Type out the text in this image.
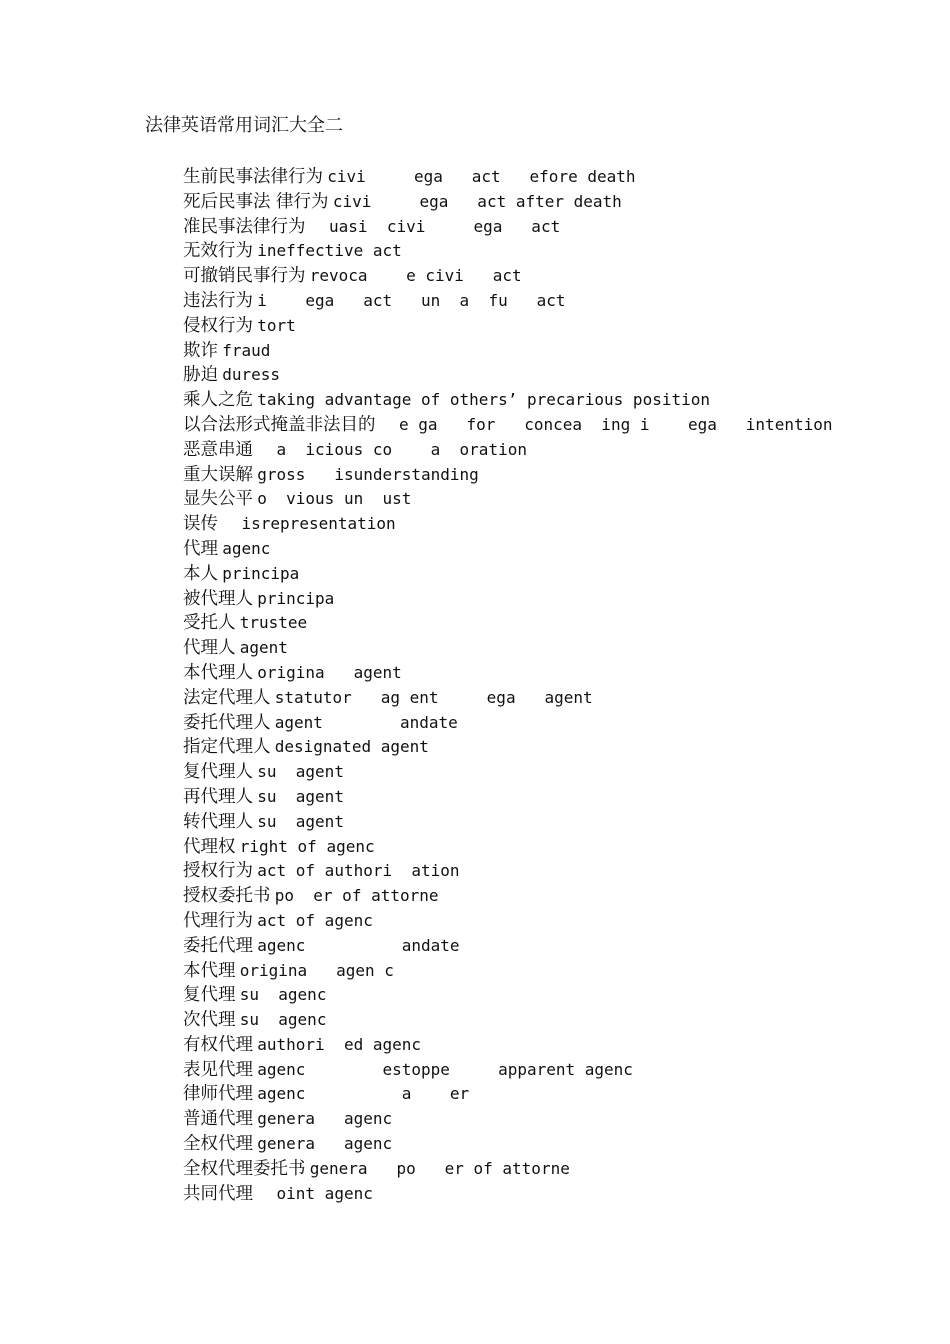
法律英语常用词汇大全二
生前民事法律行为 civi     ega   act   efore death
死后民事法 律行为 civi     ega   act after death
准民事法律行为   uasi  civi     ega   act
无效行为 ineffective act
可撤销民事行为 revoca    e civi   act
违法行为 i    ega   act   un  a  fu   act
侵权行为 tort
欺诈 fraud
胁迫 duress
乘人之危 taking advantage of others’ precarious position
以合法形式掩盖非法目的   e ga   for   concea  ing i    ega   intention
恶意串通   a  icious co    a  oration
重大误解 gross   isunderstanding
显失公平 o  vious un  ust
误传   isrepresentation
代理 agenc
本人 principa
被代理人 principa
受托人 trustee
代理人 agent
本代理人 origina   agent
法定代理人 statutor   ag ent     ega   agent
委托代理人 agent        andate
指定代理人 designated agent
复代理人 su  agent
再代理人 su  agent
转代理人 su  agent
代理权 right of agenc
授权行为 act of authori  ation
授权委托书 po  er of attorne
代理行为 act of agenc
委托代理 agenc          andate
本代理 origina   agen c
复代理 su  agenc
次代理 su  agenc
有权代理 authori  ed agenc
表见代理 agenc        estoppe     apparent agenc
律师代理 agenc          a    er
普通代理 genera   agenc
全权代理 genera   agenc
全权代理委托书 genera   po   er of attorne
共同代理   oint agenc
